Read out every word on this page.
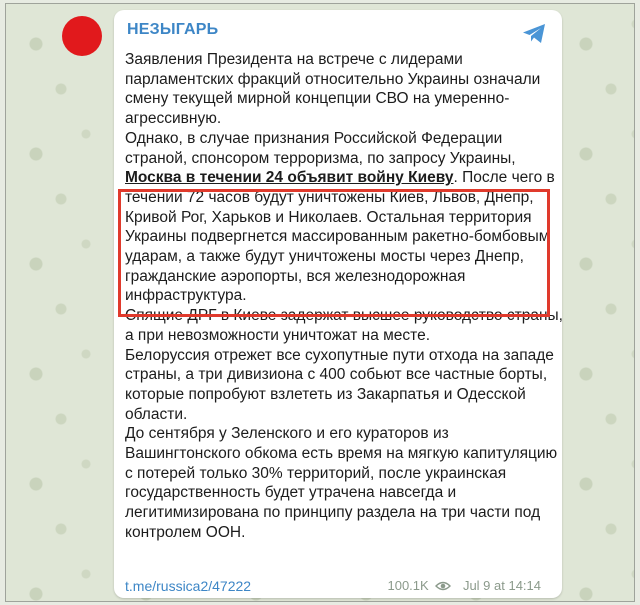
НЕЗЫГАРЬ

Заявления Президента на встрече с лидерами парламентских фракций относительно Украины означали смену текущей мирной концепции СВО на умеренно-агрессивную.

Однако, в случае признания Российской Федерации страной, спонсором терроризма, по запросу Украины, Москва в течении 24 объявит войну Киеву. После чего в течении 72 часов будут уничтожены Киев, Львов, Днепр, Кривой Рог, Харьков и Николаев. Остальная территория Украины подвергнется массированным ракетно-бомбовым ударам, а также будут уничтожены мосты через Днепр, гражданские аэропорты, вся железнодорожная инфраструктура.

Спящие ДРГ в Киеве задержат высшее руководство страны, а при невозможности уничтожат на месте.

Белоруссия отрежет все сухопутные пути отхода на западе страны, а три дивизиона с 400 собьют все частные борты, которые попробуют взлететь из Закарпатья и Одесской области.

До сентября у Зеленского и его кураторов из Вашингтонского обкома есть время на мягкую капитуляцию с потерей только 30% территорий, после украинская государственность будет утрачена навсегда и легитимизирована по принципу раздела на три части под контролем ООН.

t.me/russica2/47222	100.1K	Jul 9 at 14:14
